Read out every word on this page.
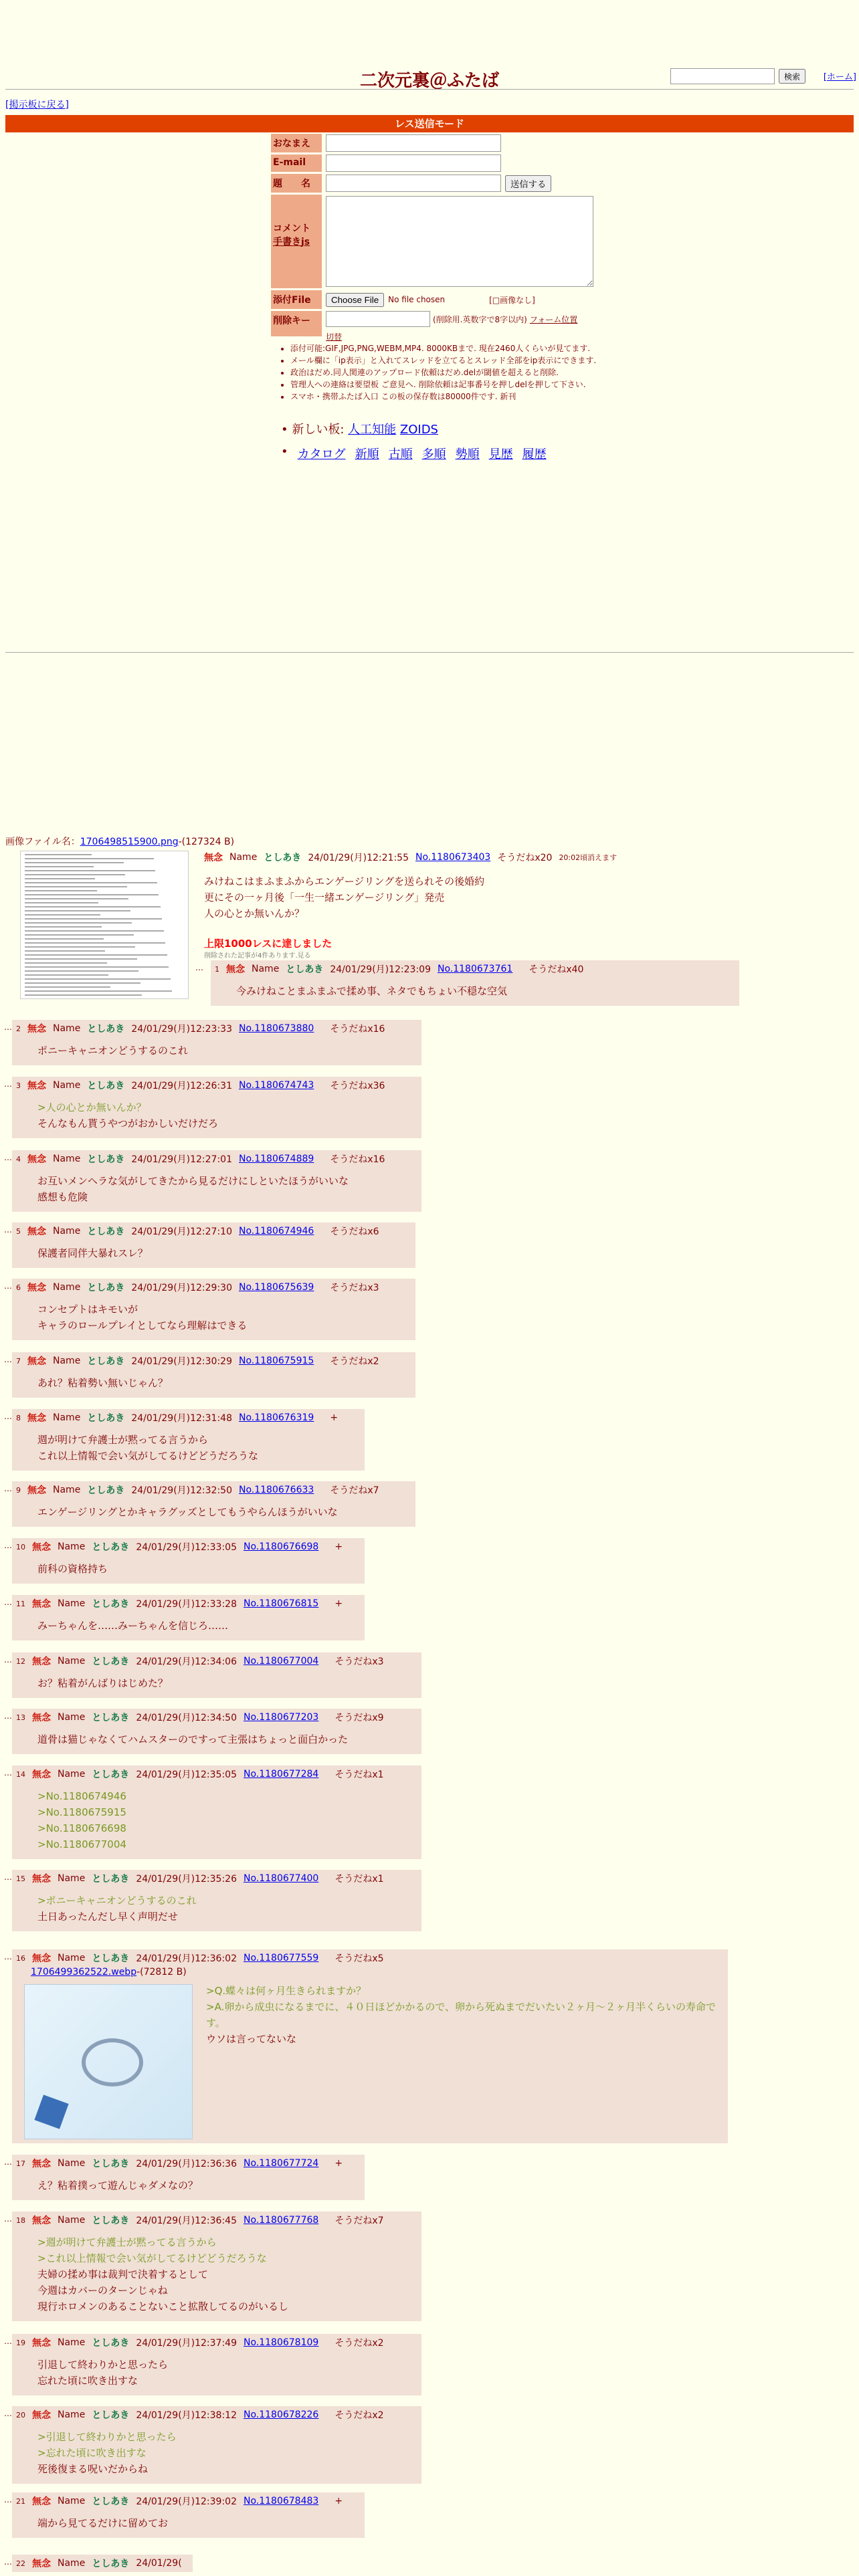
二次元裏＠ふたば	検索	[ホーム]
[掲示板に戻る]
レス送信モード
おなまえ
E-mail
題　　名	送信する
コメント
手書きjs
添付File	Choose File	No file chosen	[□画像なし]
削除キー	(削除用.英数字で8字以内) フォーム位置
切替
• 添付可能:GIF,JPG,PNG,WEBM,MP4. 8000KBまで. 現在2460人くらいが見てます.
• メール欄に「ip表示」と入れてスレッドを立てるとスレッド全部をip表示にできます.
• 政治はだめ.同人関連のアップロード依頼はだめ.delが閾値を超えると削除.
• 管理人への連絡は要望板 ご意見へ. 削除依頼は記事番号を押しdelを押して下さい.
• スマホ・携帯ふたば入口 この板の保存数は80000件です. 新刊
• 新しい板: 人工知能 ZOIDS
• カタログ 新順 古順 多順 勢順 見歴 履歴
画像ファイル名：1706498515900.png-(127324 B)
無念 Name としあき 24/01/29(月)12:21:55 No.1180673403 そうだねx20 20:02頃消えます
みけねこはまふまふからエンゲージリングを送られその後婚約
更にその一ヶ月後「一生一緒エンゲージリング」発売
人の心とか無いんか？
上限1000レスに達しました
削除された記事が4件あります.見る
… 1 無念 Name としあき 24/01/29(月)12:23:09 No.1180673761 そうだねx40
今みけねことまふまふで揉め事、ネタでもちょい不穏な空気
… 2 無念 Name としあき 24/01/29(月)12:23:33 No.1180673880 そうだねx16
ポニーキャニオンどうするのこれ
… 3 無念 Name としあき 24/01/29(月)12:26:31 No.1180674743 そうだねx36
>人の心とか無いんか？
そんなもん貰うやつがおかしいだけだろ
… 4 無念 Name としあき 24/01/29(月)12:27:01 No.1180674889 そうだねx16
お互いメンヘラな気がしてきたから見るだけにしといたほうがいいな
感想も危険
… 5 無念 Name としあき 24/01/29(月)12:27:10 No.1180674946 そうだねx6
保護者同伴大暴れスレ？
… 6 無念 Name としあき 24/01/29(月)12:29:30 No.1180675639 そうだねx3
コンセプトはキモいが
キャラのロールプレイとしてなら理解はできる
… 7 無念 Name としあき 24/01/29(月)12:30:29 No.1180675915 そうだねx2
あれ？粘着勢い無いじゃん？
… 8 無念 Name としあき 24/01/29(月)12:31:48 No.1180676319 +
週が明けて弁護士が黙ってる言うから
これ以上情報で会い気がしてるけどどうだろうな
… 9 無念 Name としあき 24/01/29(月)12:32:50 No.1180676633 そうだねx7
エンゲージリングとかキャラグッズとしてもうやらんほうがいいな
… 10 無念 Name としあき 24/01/29(月)12:33:05 No.1180676698 +
前科の資格持ち
… 11 無念 Name としあき 24/01/29(月)12:33:28 No.1180676815 +
みーちゃんを……みーちゃんを信じろ……
… 12 無念 Name としあき 24/01/29(月)12:34:06 No.1180677004 そうだねx3
お？粘着がんばりはじめた？
… 13 無念 Name としあき 24/01/29(月)12:34:50 No.1180677203 そうだねx9
道骨は猫じゃなくてハムスターのですって主張はちょっと面白かった
… 14 無念 Name としあき 24/01/29(月)12:35:05 No.1180677284 そうだねx1
>No.1180674946
>No.1180675915
>No.1180676698
>No.1180677004
… 15 無念 Name としあき 24/01/29(月)12:35:26 No.1180677400 そうだねx1
>ポニーキャニオンどうするのこれ
土日あったんだし早く声明だせ
… 16 無念 Name としあき 24/01/29(月)12:36:02 No.1180677559 そうだねx5
1706499362522.webp-(72812 B)
>Q.蝶々は何ヶ月生きられますか？
>A.卵から成虫になるまでに、４０日ほどかかるので、卵から死ぬまでだいたい２ヶ月〜２ヶ月半くらいの寿命です。
ウソは言ってないな
… 17 無念 Name としあき 24/01/29(月)12:36:36 No.1180677724 +
え？粘着撲って遊んじゃダメなの？
… 18 無念 Name としあき 24/01/29(月)12:36:45 No.1180677768 そうだねx7
>週が明けて弁護士が黙ってる言うから
>これ以上情報で会い気がしてるけどどうだろうな
夫婦の揉め事は裁判で決着するとして
今週はカバーのターンじゃね
現行ホロメンのあることないこと拡散してるのがいるし
… 19 無念 Name としあき 24/01/29(月)12:37:49 No.1180678109 そうだねx2
引退して終わりかと思ったら
忘れた頃に吹き出すな
… 20 無念 Name としあき 24/01/29(月)12:38:12 No.1180678226 そうだねx2
>引退して終わりかと思ったら
>忘れた頃に吹き出すな
死後復まる呪いだからね
… 21 無念 Name としあき 24/01/29(月)12:39:02 No.1180678483 +
端から見てるだけに留めてお
… 22 無念 Name としあき 24/01/29(
